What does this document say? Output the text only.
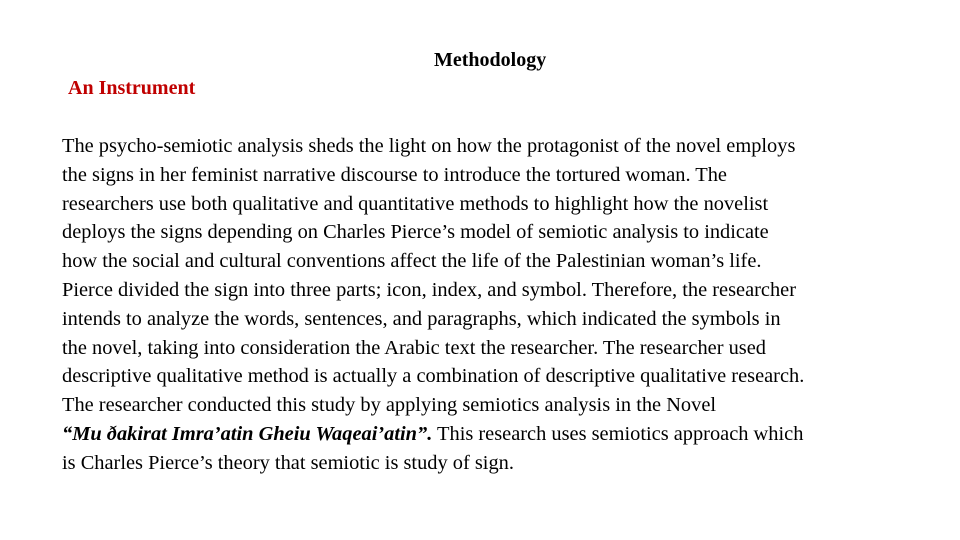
Methodology
An Instrument
The psycho-semiotic analysis sheds the light on how the protagonist of the novel employs
the signs in her feminist narrative discourse to introduce the tortured woman. The
researchers use both qualitative and quantitative methods to highlight how the novelist
deploys the signs depending on Charles Pierce’s model of semiotic analysis to indicate
how the social and cultural conventions affect the life of the Palestinian woman’s life.
Pierce divided the sign into three parts; icon, index, and symbol. Therefore, the researcher
intends to analyze the words, sentences, and paragraphs, which indicated the symbols in
the novel, taking into consideration the Arabic text the researcher. The researcher used
descriptive qualitative method is actually a combination of descriptive qualitative research.
The researcher conducted this study by applying semiotics analysis in the Novel
“Mu ðakirat Imra’atin Gheiu Waqeai’atin”. This research uses semiotics approach which
is Charles Pierce’s theory that semiotic is study of sign.
